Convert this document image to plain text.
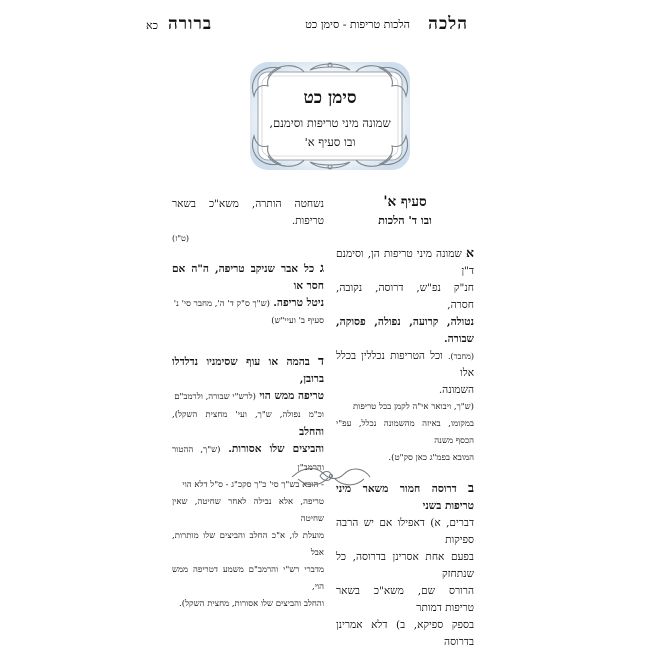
הלכה
הלכות טריפות - סימן כט
ברורה
כא
סימן כט
שמונה מיני טריפות וסימנם,
ובו סעיף א'
סעיף א'
ובו ד' הלכות
א שמונה מיני טריפות הן, וסימנם ד"ן
חנ"ק נפ"ש, דרוסה, נקובה, חסרה,
נטולה, קרועה, נפולה, פסוקה, שבורה.
(מחבר). וכל הטריפות נכללין בכלל אלו
השמונה.
(ש"ך, ויבואר אי"ה לקמן בכל טריפות
במקומו, באיזה מהשמונה נכלל, עפ"י הכסף משנה
המובא בפמ"ג כאן סק"ט).
ב דרוסה חמור משאר מיני טריפות בשני
דברים, א) דאפילו אם יש הרבה ספיקות
בפעם אחת אסרינן בדרוסה, כל שנתחזק
הרורס שם, משא"כ בשאר טריפות דמותר
בספק ספיקא, ב) דלא אמרינן בדרוסה
נשחטה הותרה, משא"כ בשאר טריפות.
(ט"ז)
ג כל אבר שניקב טריפה, ה"ה אם חסר או
ניטל טריפה. (ש"ך ס"ק ד' ה', מחבר סי' נ'
סעיף ב' ועיי"ש)
ד בהמה או עוף שסימניו נדלדלו ברובן,
טריפה ממש הוי (לרש"י שבורה, ולרמב"ם
וכ"מ נפולה, ש"ך, ועי' מחצית השקל), והחלב
והביצים שלו אסורות. (ש"ך, ההטור והרמב"ן
- הובא בש"ך סי' כ"ך סקכ"ג - ס"ל דלא הוי
טריפה, אלא נבילה לאחר שחיטה, שאין שחיטה
מועלת לו, א"כ החלב והביצים שלו מותרות, אבל
מדברי רש"י והרמב"ם משמע דטריפה ממש הוי,
והחלב והביצים שלו אסורות, מחצית השקל).
